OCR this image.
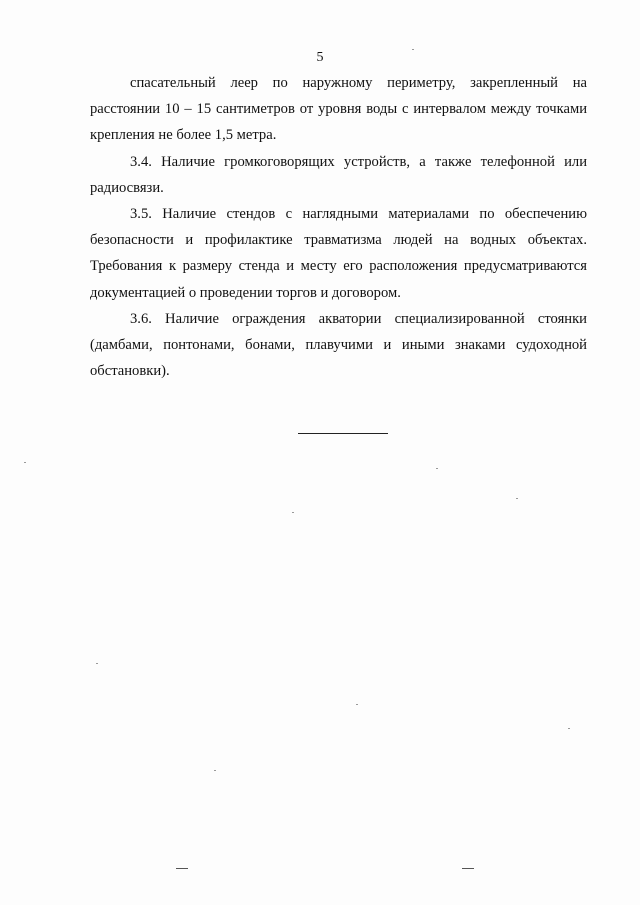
5

спасательный леер по наружному периметру, закрепленный на расстоянии 10 – 15 сантиметров от уровня воды с интервалом между точками крепления не более 1,5 метра.

3.4. Наличие громкоговорящих устройств, а также телефонной или радиосвязи.

3.5. Наличие стендов с наглядными материалами по обеспечению безопасности и профилактике травматизма людей на водных объектах. Требования к размеру стенда и месту его расположения предусматриваются документацией о проведении торгов и договором.

3.6. Наличие ограждения акватории специализированной стоянки (дамбами, понтонами, бонами, плавучими и иными знаками судоходной обстановки).
